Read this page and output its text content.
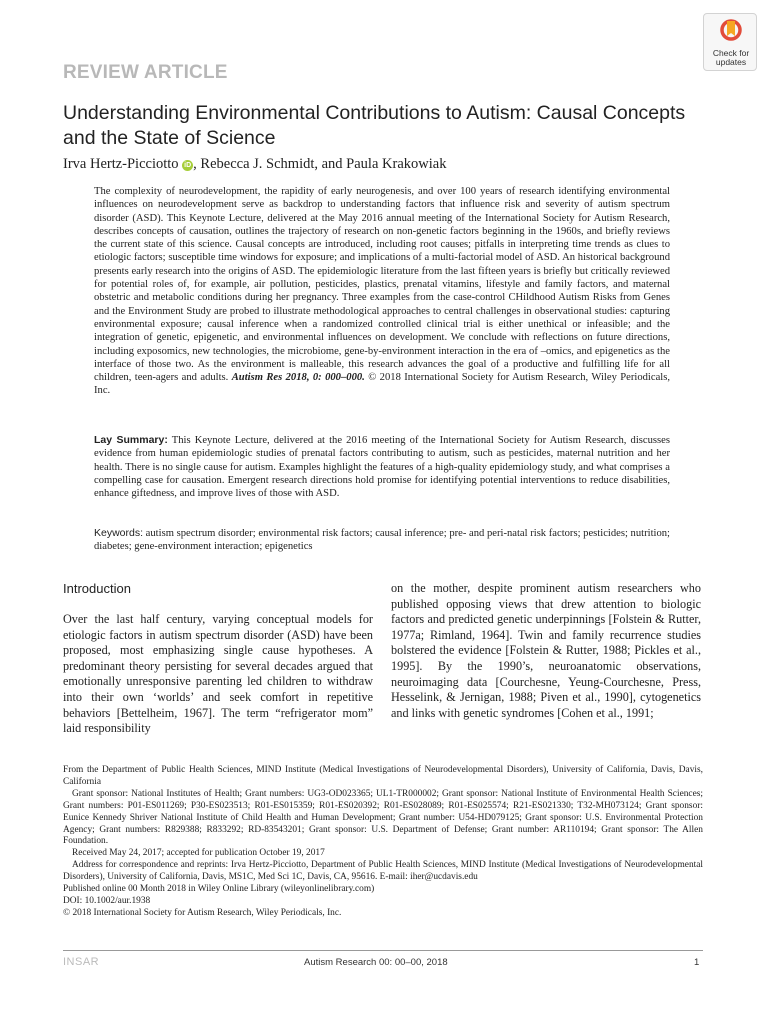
Check for
updates
REVIEW ARTICLE
Understanding Environmental Contributions to Autism: Causal Concepts and the State of Science
Irva Hertz-Picciotto iD , Rebecca J. Schmidt, and Paula Krakowiak

The complexity of neurodevelopment, the rapidity of early neurogenesis, and over 100 years of research identifying environmental influences on neurodevelopment serve as backdrop to understanding factors that influence risk and severity of autism spectrum disorder (ASD). This Keynote Lecture, delivered at the May 2016 annual meeting of the International Society for Autism Research, describes concepts of causation, outlines the trajectory of research on non-genetic factors beginning in the 1960s, and briefly reviews the current state of this science. Causal concepts are introduced, including root causes; pitfalls in interpreting time trends as clues to etiologic factors; susceptible time windows for exposure; and implications of a multi-factorial model of ASD. An historical background presents early research into the origins of ASD. The epidemiologic literature from the last fifteen years is briefly but critically reviewed for potential roles of, for example, air pollution, pesticides, plastics, prenatal vitamins, lifestyle and family factors, and maternal obstetric and metabolic conditions during her pregnancy. Three examples from the case-control CHildhood Autism Risks from Genes and the Environment Study are probed to illustrate methodological approaches to central challenges in observational studies: capturing environmental exposure; causal inference when a randomized controlled clinical trial is either unethical or infeasible; and the integration of genetic, epigenetic, and environmental influences on development. We conclude with reflections on future directions, including exposomics, new technologies, the microbiome, gene-by-environment interaction in the era of –omics, and epigenetics as the interface of those two. As the environment is malleable, this research advances the goal of a productive and fulfilling life for all children, teen-agers and adults. Autism Res 2018, 0: 000–000. © 2018 International Society for Autism Research, Wiley Periodicals, Inc.

Lay Summary: This Keynote Lecture, delivered at the 2016 meeting of the International Society for Autism Research, discusses evidence from human epidemiologic studies of prenatal factors contributing to autism, such as pesticides, maternal nutrition and her health. There is no single cause for autism. Examples highlight the features of a high-quality epidemiology study, and what comprises a compelling case for causation. Emergent research directions hold promise for identifying potential interventions to reduce disabilities, enhance giftedness, and improve lives of those with ASD.

Keywords: autism spectrum disorder; environmental risk factors; causal inference; pre- and peri-natal risk factors; pesticides; nutrition; diabetes; gene-environment interaction; epigenetics

Introduction

Over the last half century, varying conceptual models for etiologic factors in autism spectrum disorder (ASD) have been proposed, most emphasizing single cause hypotheses. A predominant theory persisting for several decades argued that emotionally unresponsive parenting led children to withdraw into their own ‘worlds’ and seek comfort in repetitive behaviors [Bettelheim, 1967]. The term “refrigerator mom” laid responsibility

on the mother, despite prominent autism researchers who published opposing views that drew attention to biologic factors and predicted genetic underpinnings [Folstein & Rutter, 1977a; Rimland, 1964]. Twin and family recurrence studies bolstered the evidence [Folstein & Rutter, 1988; Pickles et al., 1995]. By the 1990’s, neuroanatomic observations, neuroimaging data [Courchesne, Yeung-Courchesne, Press, Hesselink, & Jernigan, 1988; Piven et al., 1990], cytogenetics and links with genetic syndromes [Cohen et al., 1991;

From the Department of Public Health Sciences, MIND Institute (Medical Investigations of Neurodevelopmental Disorders), University of California, Davis, Davis, California

Grant sponsor: National Institutes of Health; Grant numbers: UG3-OD023365; UL1-TR000002; Grant sponsor: National Institute of Environmental Health Sciences; Grant numbers: P01-ES011269; P30-ES023513; R01-ES015359; R01-ES020392; R01-ES028089; R01-ES025574; R21-ES021330; T32-MH073124; Grant sponsor: Eunice Kennedy Shriver National Institute of Child Health and Human Development; Grant number: U54-HD079125; Grant sponsor: U.S. Environmental Protection Agency; Grant numbers: R829388; R833292; RD-83543201; Grant sponsor: U.S. Department of Defense; Grant number: AR110194; Grant sponsor: The Allen Foundation.

Received May 24, 2017; accepted for publication October 19, 2017

Address for correspondence and reprints: Irva Hertz-Picciotto, Department of Public Health Sciences, MIND Institute (Medical Investigations of Neurodevelopmental Disorders), University of California, Davis, MS1C, Med Sci 1C, Davis, CA, 95616. E-mail: iher@ucdavis.edu

Published online 00 Month 2018 in Wiley Online Library (wileyonlinelibrary.com)

DOI: 10.1002/aur.1938

© 2018 International Society for Autism Research, Wiley Periodicals, Inc.

INSAR	Autism Research 00: 00–00, 2018	1
